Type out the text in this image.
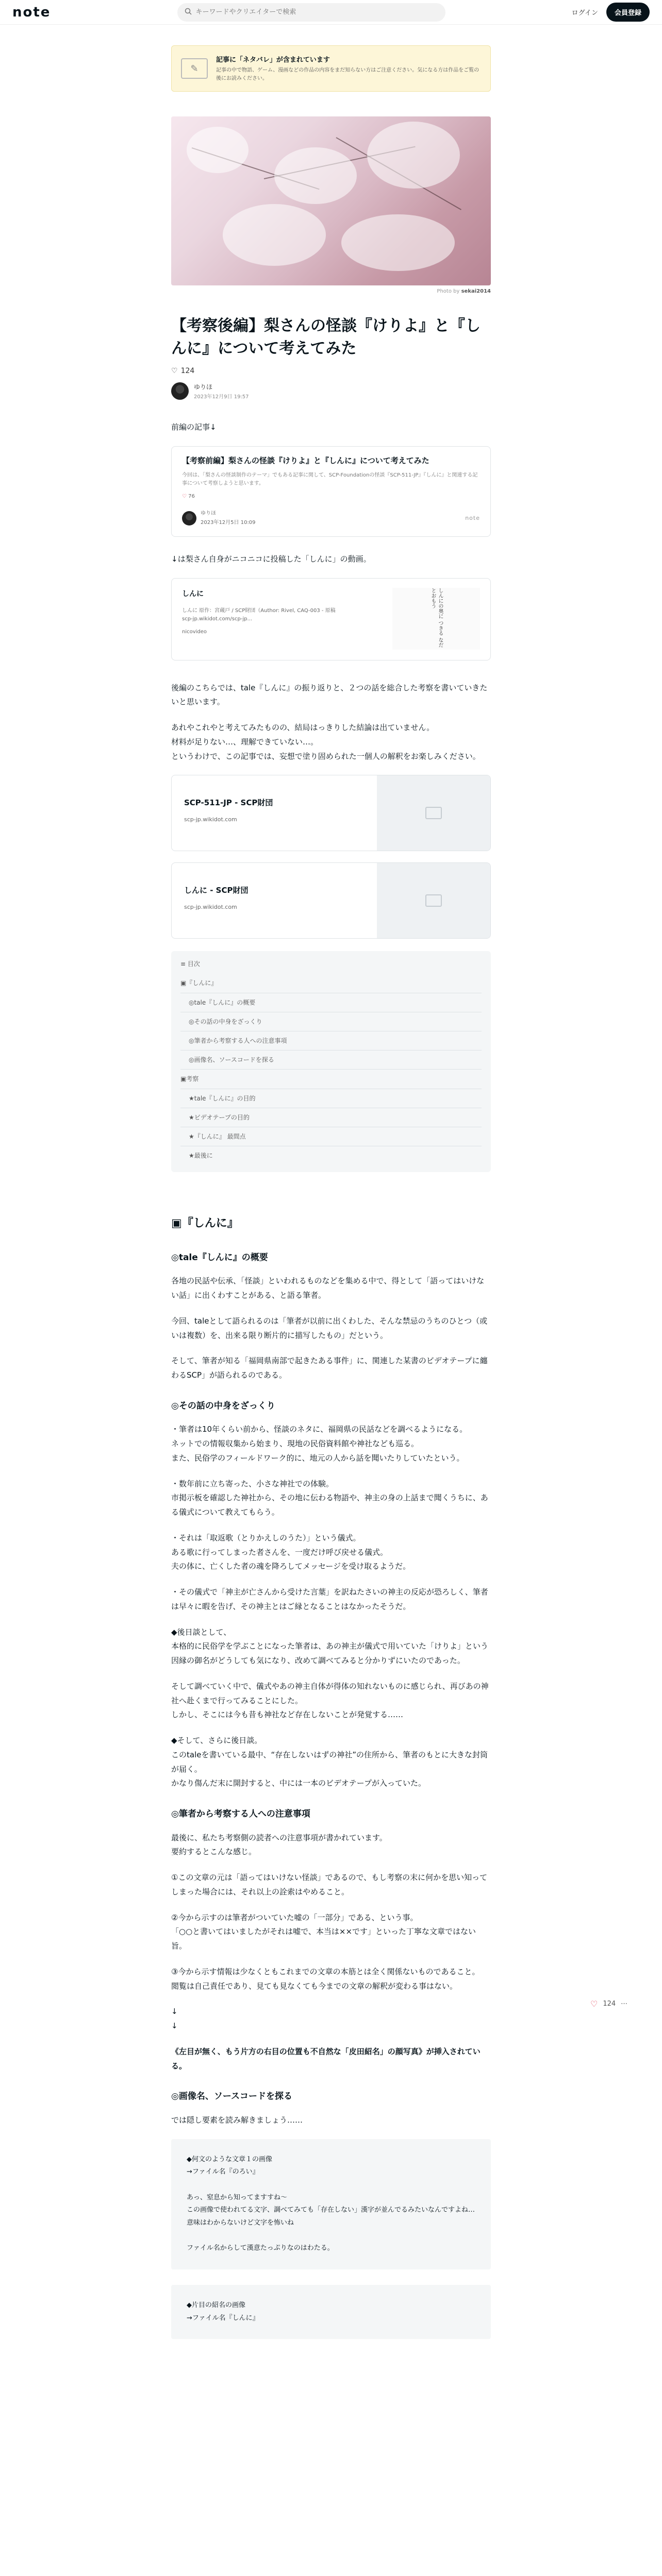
note
キーワードやクリエイターで検索	ログイン	会員登録
♡ 124 ⋯
✎
記事に「ネタバレ」が含まれています
記事の中で物語、ゲーム、漫画などの作品の内容をまだ知らない方はご注意ください。気になる方は作品をご覧の後にお読みください。
Photo by sekai2014
【考察後編】梨さんの怪談『けりよ』と『しんに』について考えてみた
♡ 124
ゆりほ
2023年12月9日 19:57

前編の記事↓

【考察前編】梨さんの怪談『けりよ』と『しんに』について考えてみた
今回は、「梨さんの怪談制作のテーマ」でもある記事に関して、SCP-Foundationの怪談『SCP-511-JP』『しんに』と関連する記事について考察しようと思います。
♡ 76
ゆりほ
2023年12月5日 10:09
note

↓は梨さん自身がニコニコに投稿した「しんに」の動画。

しんに
しんに 原作：宮蔵戸 / SCP財団（Author: Rivel, CAQ-003 - 原稿 scp-jp.wikidot.com/scp-jp...
nicovideo	しんにの奥に つきる なだとおもう

後編のこちらでは、tale『しんに』の振り返りと、２つの話を総合した考察を書いていきたいと思います。

あれやこれやと考えてみたものの、結局はっきりした結論は出ていません。
材料が足りない…、理解できていない…。
というわけで、この記事では、妄想で塗り固められた一個人の解釈をお楽しみください。

SCP-511-JP - SCP財団
scp-jp.wikidot.com
しんに - SCP財団
scp-jp.wikidot.com
≡ 目次
▣『しんに』
◎tale『しんに』の概要
◎その話の中身をざっくり
◎筆者から考察する人への注意事項
◎画像名、ソースコードを探る
▣考察
★tale『しんに』の目的
★ビデオテープの目的
★『しんに』 最間点
★最後に
▣『しんに』
◎tale『しんに』の概要

各地の民話や伝承、「怪談」といわれるものなどを集める中で、得として「語ってはいけない話」に出くわすことがある、と語る筆者。

今回、taleとして語られるのは「筆者が以前に出くわした、そんな禁忌のうちのひとつ（或いは複数）を、出来る限り断片的に描写したもの」だという。

そして、筆者が知る「福岡県南部で起きたある事件」に、関連した某書のビデオテープに纏わるSCP」が語られるのである。

◎その話の中身をざっくり

・筆者は10年くらい前から、怪談のネタに、福岡県の民話などを調べるようになる。
ネットでの情報収集から始まり、現地の民俗資料館や神社なども巡る。
また、民俗学のフィールドワーク的に、地元の人から話を聞いたりしていたという。

・数年前に立ち寄った、小さな神社での体験。
市掲示板を確認した神社から、その地に伝わる物語や、神主の身の上話まで聞くうちに、ある儀式について教えてもらう。

・それは「取返歌（とりかえしのうた）」という儀式。
ある歌に行ってしまった者さんを、一度だけ呼び戻せる儀式。
夫の体に、亡くした者の魂を降ろしてメッセージを受け取るようだ。

・その儀式で「神主が亡さんから受けた言葉」を訳ねたさいの神主の反応が恐ろしく、筆者は早々に暇を告げ、その神主とはご縁となることはなかったそうだ。

◆後日談として、
本格的に民俗学を学ぶことになった筆者は、あの神主が儀式で用いていた「けりよ」という因縁の御名がどうしても気になり、改めて調べてみると分かりずにいたのであった。

そして調べていく中で、儀式やあの神主自体が得体の知れないものに感じられ、再びあの神社へ赴くまで行ってみることにした。
しかし、そこには今も昔も神社など存在しないことが発覚する……

◆そして、さらに後日談。
このtaleを書いている最中、“存在しないはずの神社”の住所から、筆者のもとに大きな封筒が届く。
かなり傷んだ末に開封すると、中には一本のビデオテープが入っていた。

◎筆者から考察する人への注意事項

最後に、私たち考察側の読者への注意事項が書かれています。
要約するとこんな感じ。

①この文章の元は「語ってはいけない怪談」であるので、もし考察の末に何かを思い知ってしまった場合には、それ以上の詮索はやめること。

②今から示すのは筆者がついていた嘘の「一部分」である、という事。
「○○と書いてはいましたがそれは嘘で、本当は××です」といった丁寧な文章ではない旨。

③今から示す情報は少なくともこれまでの文章の本筋とは全く関係ないものであること。
閲覧は自己責任であり、見ても見なくても今までの文章の解釈が変わる事はない。

↓
↓

《左目が無く、もう片方の右目の位置も不自然な「皮田紹名」の顔写真》が挿入されている。

◎画像名、ソースコードを探る

では隠し要素を読み解きましょう……

◆何文のような文章１の画像
→ファイル名『のろい』

あっ、窒息から知ってますすね〜
この画像で使われてる文字、調べてみても「存在しない」漢字が並んでるみたいなんですよね…
意味はわからないけど文字を怖いね

ファイル名からして漢意たっぷりなのはわたる。
◆片目の紹名の画像
→ファイル名『しんに』
